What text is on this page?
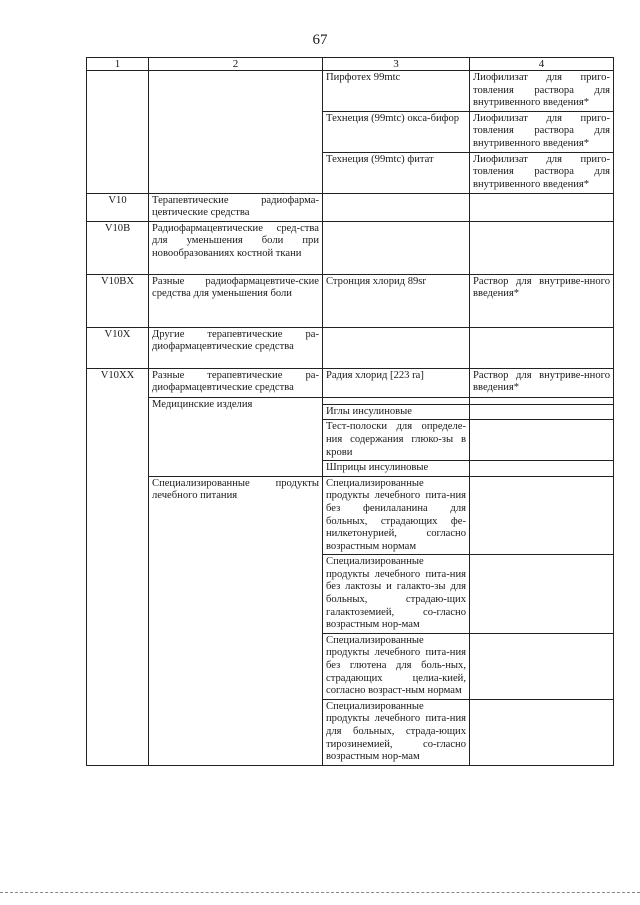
67
1	2	3	4
		Пирфотех 99mtc	Лиофилизат для приго-товления раствора для внутривенного введения*
		Технеция (99mtc) окса-бифор	Лиофилизат для приго-товления раствора для внутривенного введения*
		Технеция (99mtc) фитат	Лиофилизат для приго-товления раствора для внутривенного введения*
V10	Терапевтические радиофарма-цевтические средства		
V10B	Радиофармацевтические сред-ства для уменьшения боли при новообразованиях костной ткани		
V10BX	Разные радиофармацевтиче-ские средства для уменьшения боли	Стронция хлорид 89sr	Раствор для внутриве-нного введения*
V10X	Другие терапевтические ра-диофармацевтические средства		
V10XX	Разные терапевтические ра-диофармацевтические средства	Радия хлорид [223 ra]	Раствор для внутриве-нного введения*
	Медицинские изделия		
		Иглы инсулиновые	
		Тест-полоски для определе-ния содержания глюко-зы в крови	
		Шприцы инсулиновые	
	Специализированные продукты лечебного питания	Специализированные продукты лечебного пита-ния без фенилаланина для больных, страдающих фе-нилкетонурией, согласно возрастным нормам	
		Специализированные продукты лечебного пита-ния без лактозы и галакто-зы для больных, страдаю-щих галактоземией, со-гласно возрастным нор-мам	
		Специализированные продукты лечебного пита-ния без глютена для боль-ных, страдающих целиа-кией, согласно возраст-ным нормам	
		Специализированные продукты лечебного пита-ния для больных, страда-ющих тирозинемией, со-гласно возрастным нор-мам	
